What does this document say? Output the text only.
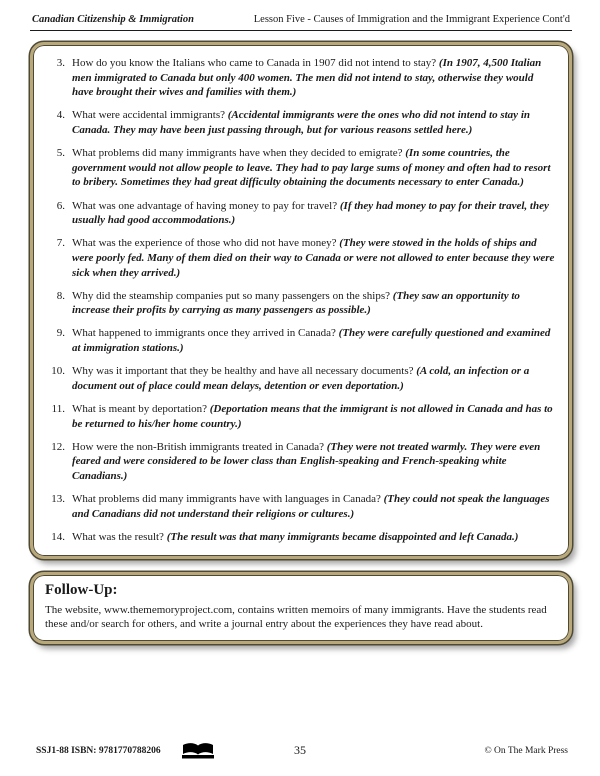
Canadian Citizenship & Immigration	Lesson Five - Causes of Immigration and the Immigrant Experience Cont'd
3. How do you know the Italians who came to Canada in 1907 did not intend to stay? (In 1907, 4,500 Italian men immigrated to Canada but only 400 women. The men did not intend to stay, otherwise they would have brought their wives and families with them.)

4. What were accidental immigrants? (Accidental immigrants were the ones who did not intend to stay in Canada. They may have been just passing through, but for various reasons settled here.)

5. What problems did many immigrants have when they decided to emigrate? (In some countries, the government would not allow people to leave. They had to pay large sums of money and often had to resort to bribery. Sometimes they had great difficulty obtaining the documents necessary to enter Canada.)

6. What was one advantage of having money to pay for travel? (If they had money to pay for their travel, they usually had good accommodations.)

7. What was the experience of those who did not have money? (They were stowed in the holds of ships and were poorly fed. Many of them died on their way to Canada or were not allowed to enter because they were sick when they arrived.)

8. Why did the steamship companies put so many passengers on the ships? (They saw an opportunity to increase their profits by carrying as many passengers as possible.)

9. What happened to immigrants once they arrived in Canada? (They were carefully questioned and examined at immigration stations.)

10. Why was it important that they be healthy and have all necessary documents? (A cold, an infection or a document out of place could mean delays, detention or even deportation.)

11. What is meant by deportation? (Deportation means that the immigrant is not allowed in Canada and has to be returned to his/her home country.)

12. How were the non-British immigrants treated in Canada? (They were not treated warmly. They were even feared and were considered to be lower class than English-speaking and French-speaking white Canadians.)

13. What problems did many immigrants have with languages in Canada? (They could not speak the languages and Canadians did not understand their religions or cultures.)

14. What was the result? (The result was that many immigrants became disappointed and left Canada.)

Follow-Up:

The website, www.thememoryproject.com, contains written memoirs of many immigrants. Have the students read these and/or search for others, and write a journal entry about the experiences they have read about.

SSJ1-88 ISBN: 9781770788206	35	© On The Mark Press
